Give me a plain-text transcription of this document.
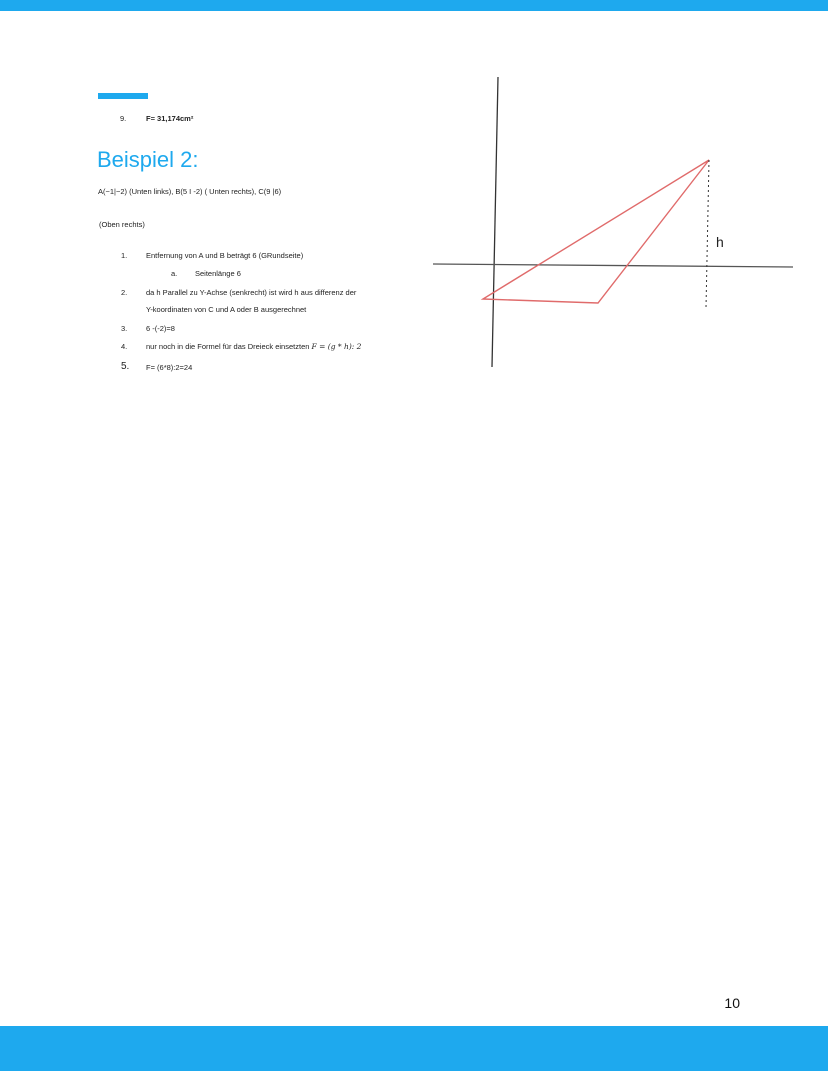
9.	F= 31,174cm²
Beispiel 2:
A(−1|−2) (Unten links), B(5 I -2) ( Unten rechts), C(9 |6)
(Oben rechts)
1. Entfernung von A und B beträgt 6 (GRundseite)
a. Seitenlänge 6
2. da h Parallel zu Y-Achse (senkrecht) ist wird h aus differenz der
Y-koordinaten von C und A oder B ausgerechnet
3. 6 -(-2)=8
4. nur noch in die Formel für das Dreieck einsetzten F = (g * h): 2
5. F= (6*8):2=24
h
10
